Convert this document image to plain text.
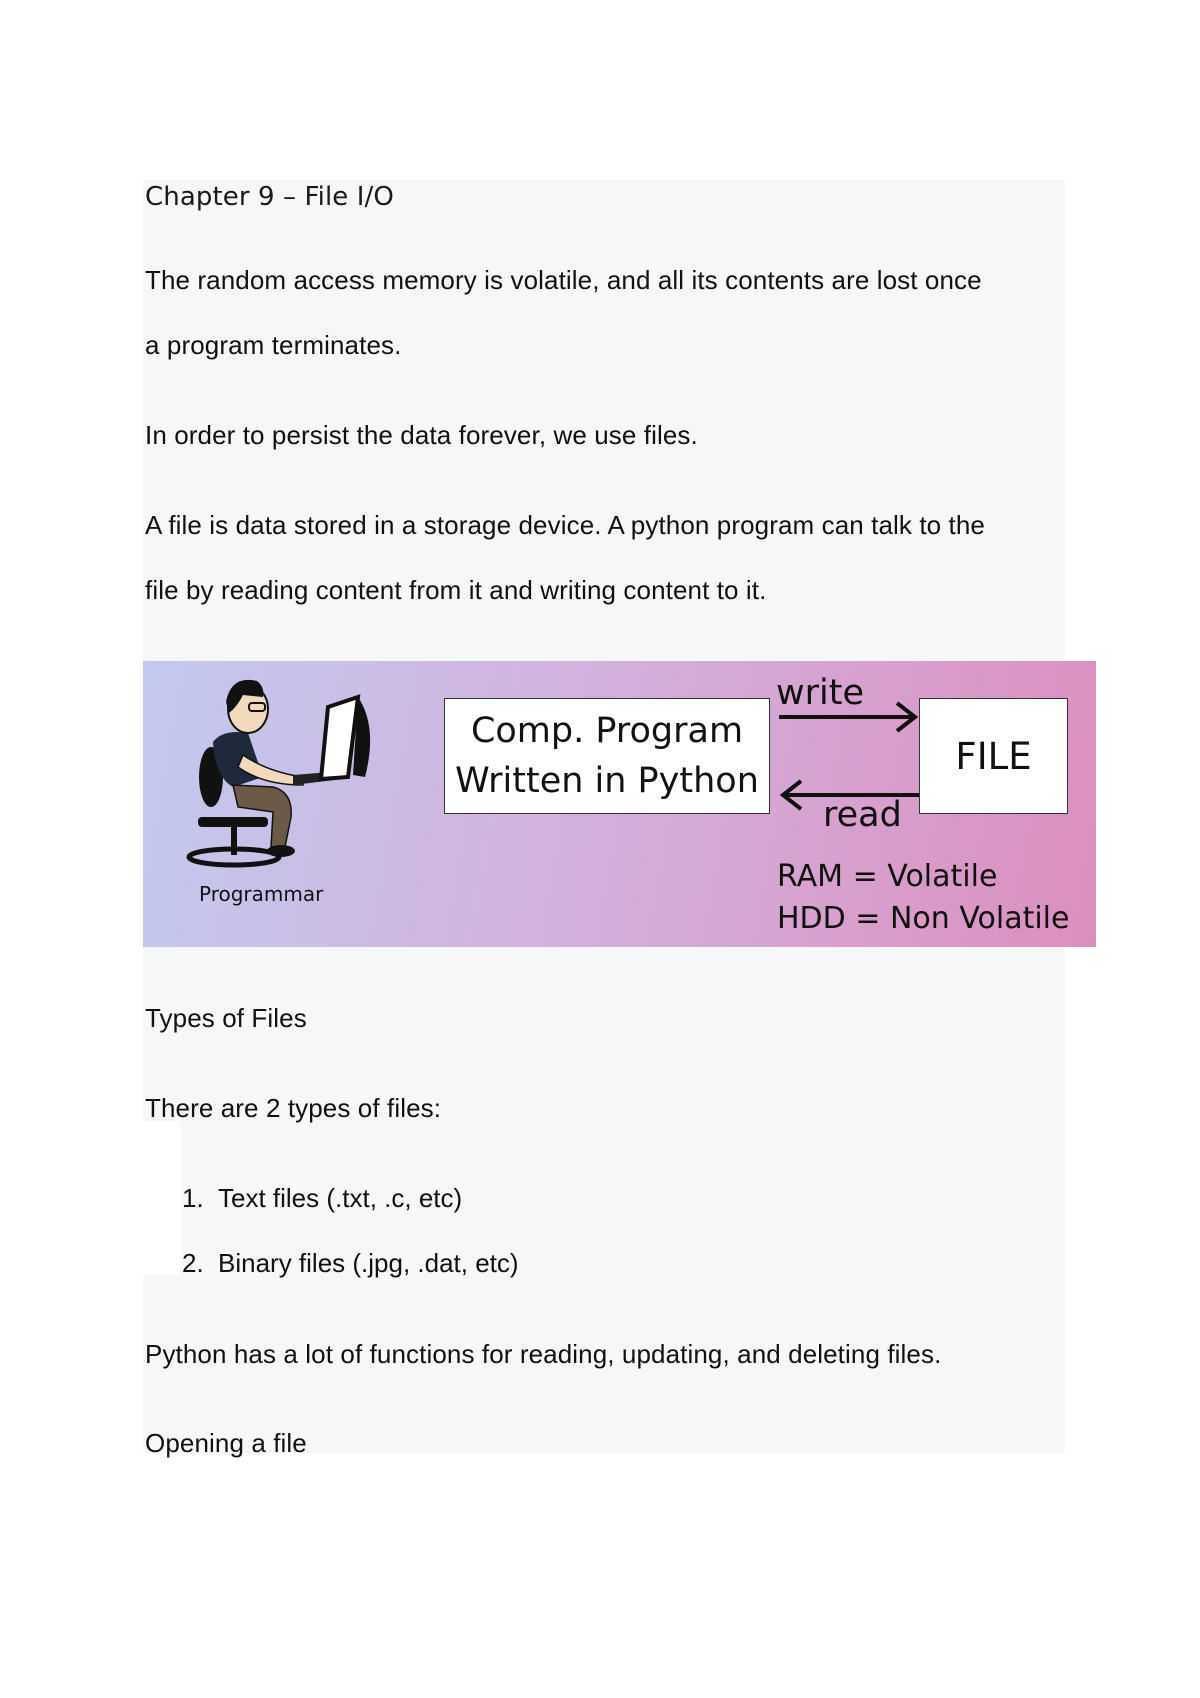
Chapter 9 – File I/O
The random access memory is volatile, and all its contents are lost once
a program terminates.
In order to persist the data forever, we use files.
A file is data stored in a storage device. A python program can talk to the
file by reading content from it and writing content to it.
Programmar
Comp. Program
Written in Python
write
read
FILE
RAM = Volatile
HDD = Non Volatile
Types of Files
There are 2 types of files:
1. Text files (.txt, .c, etc)
2. Binary files (.jpg, .dat, etc)
Python has a lot of functions for reading, updating, and deleting files.
Opening a file
